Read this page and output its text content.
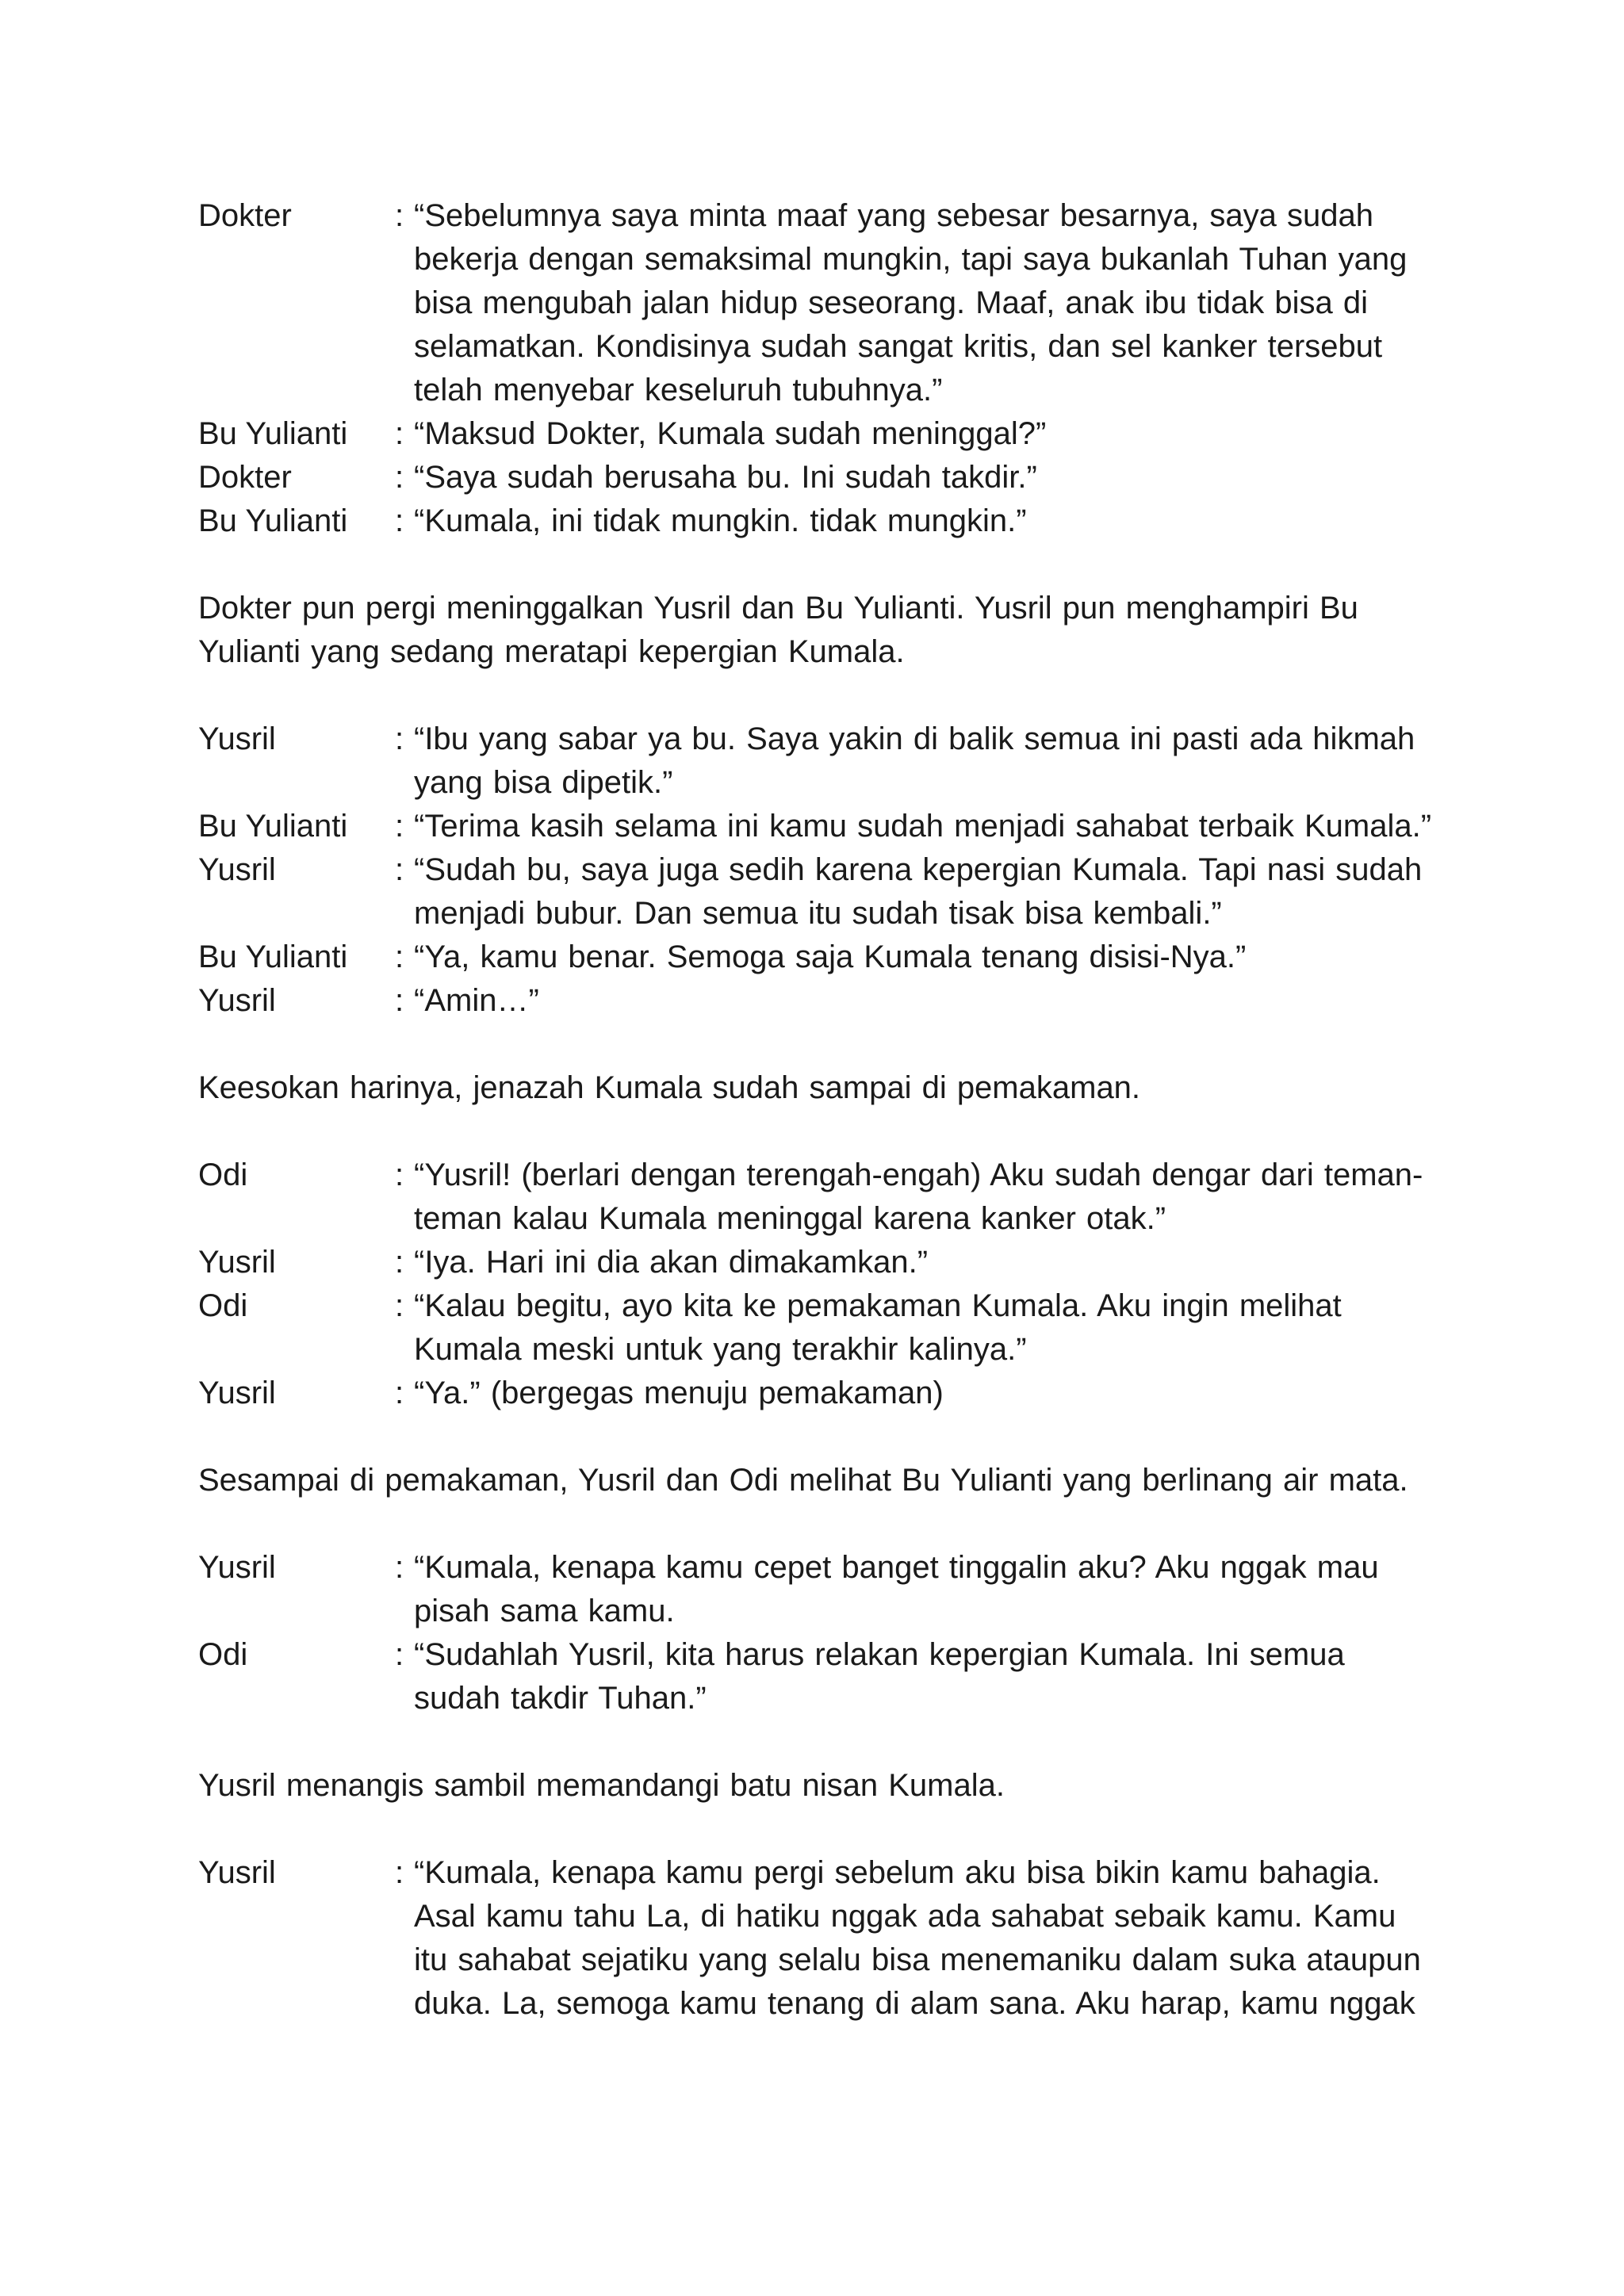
Dokter	: “Sebelumnya saya minta maaf yang sebesar besarnya, saya sudah bekerja dengan semaksimal mungkin, tapi saya bukanlah Tuhan yang bisa mengubah jalan hidup seseorang. Maaf, anak ibu tidak bisa di selamatkan. Kondisinya sudah sangat kritis, dan sel kanker tersebut telah menyebar keseluruh tubuhnya.”
Bu Yulianti	: “Maksud Dokter, Kumala sudah meninggal?”
Dokter	: “Saya sudah berusaha bu. Ini sudah takdir.”
Bu Yulianti	: “Kumala, ini tidak mungkin. tidak mungkin.”
Dokter pun pergi meninggalkan Yusril dan Bu Yulianti. Yusril pun menghampiri Bu Yulianti yang sedang meratapi kepergian Kumala.
Yusril	: “Ibu yang sabar ya bu. Saya yakin di balik semua ini pasti ada hikmah yang bisa dipetik.”
Bu Yulianti	: “Terima kasih selama ini kamu sudah menjadi sahabat terbaik Kumala.”
Yusril	: “Sudah bu, saya juga sedih karena kepergian Kumala. Tapi nasi sudah menjadi bubur. Dan semua itu sudah tisak bisa kembali.”
Bu Yulianti	: “Ya, kamu benar. Semoga saja Kumala tenang disisi-Nya.”
Yusril	: “Amin…”
Keesokan harinya, jenazah Kumala sudah sampai di pemakaman.
Odi	: “Yusril! (berlari dengan terengah-engah) Aku sudah dengar dari teman-teman kalau Kumala meninggal karena kanker otak.”
Yusril	: “Iya. Hari ini dia akan dimakamkan.”
Odi	: “Kalau begitu, ayo kita ke pemakaman Kumala. Aku ingin melihat Kumala meski untuk yang terakhir kalinya.”
Yusril	: “Ya.” (bergegas menuju pemakaman)
Sesampai di pemakaman, Yusril dan Odi melihat Bu Yulianti yang berlinang air mata.
Yusril	: “Kumala, kenapa kamu cepet banget tinggalin aku? Aku nggak mau pisah sama kamu.
Odi	: “Sudahlah Yusril, kita harus relakan kepergian Kumala. Ini semua sudah takdir Tuhan.”
Yusril menangis sambil memandangi batu nisan Kumala.
Yusril	: “Kumala, kenapa kamu pergi sebelum aku bisa bikin kamu bahagia. Asal kamu tahu La, di hatiku nggak ada sahabat sebaik kamu. Kamu itu sahabat sejatiku yang selalu bisa menemaniku dalam suka ataupun duka. La, semoga kamu tenang di alam sana. Aku harap, kamu nggak
